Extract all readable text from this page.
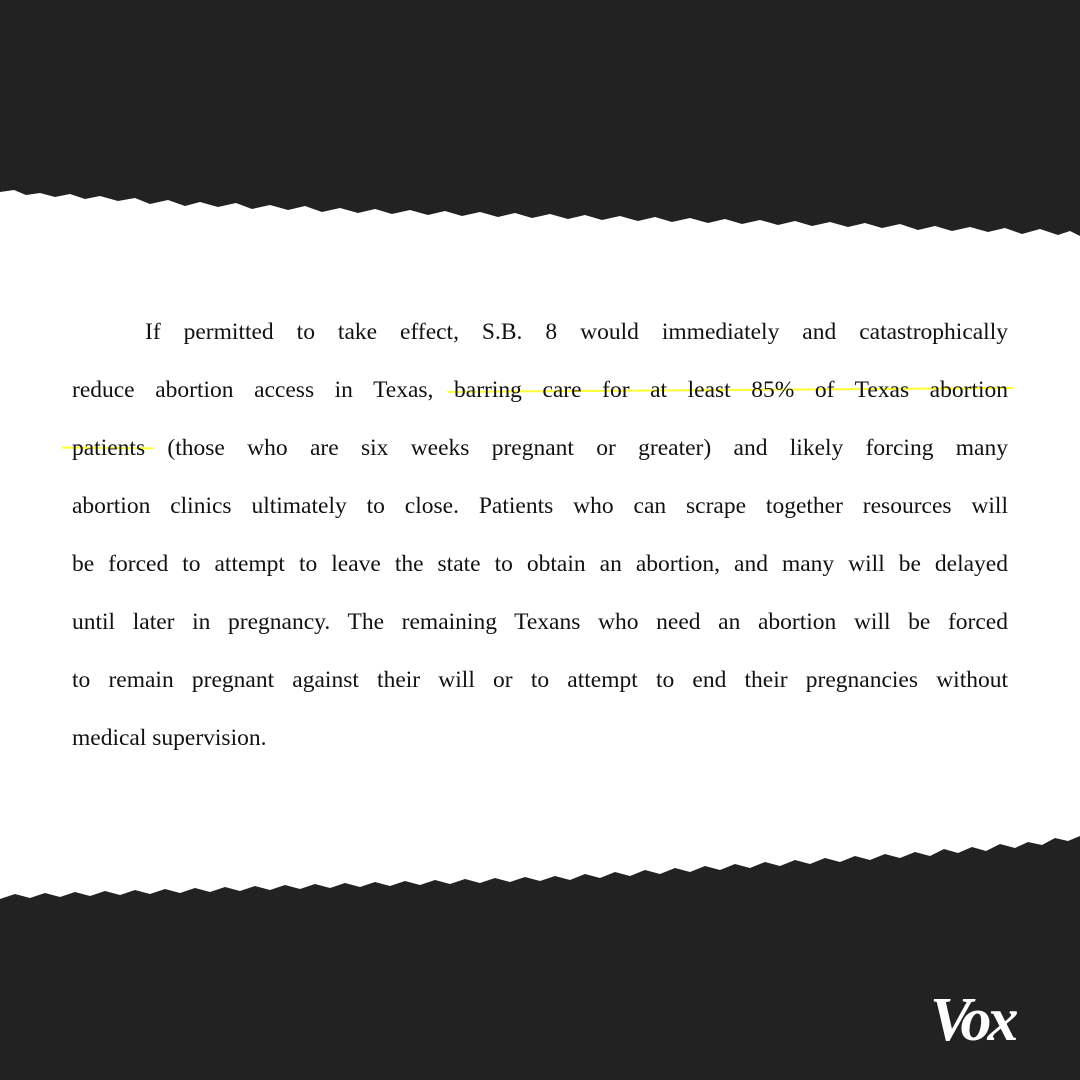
If permitted to take effect, S.B. 8 would immediately and catastrophically
reduce abortion access in Texas, barring care for at least 85% of Texas abortion
patients (those who are six weeks pregnant or greater) and likely forcing many
abortion clinics ultimately to close. Patients who can scrape together resources will
be forced to attempt to leave the state to obtain an abortion, and many will be delayed
until later in pregnancy. The remaining Texans who need an abortion will be forced
to remain pregnant against their will or to attempt to end their pregnancies without
medical supervision.
Vox
